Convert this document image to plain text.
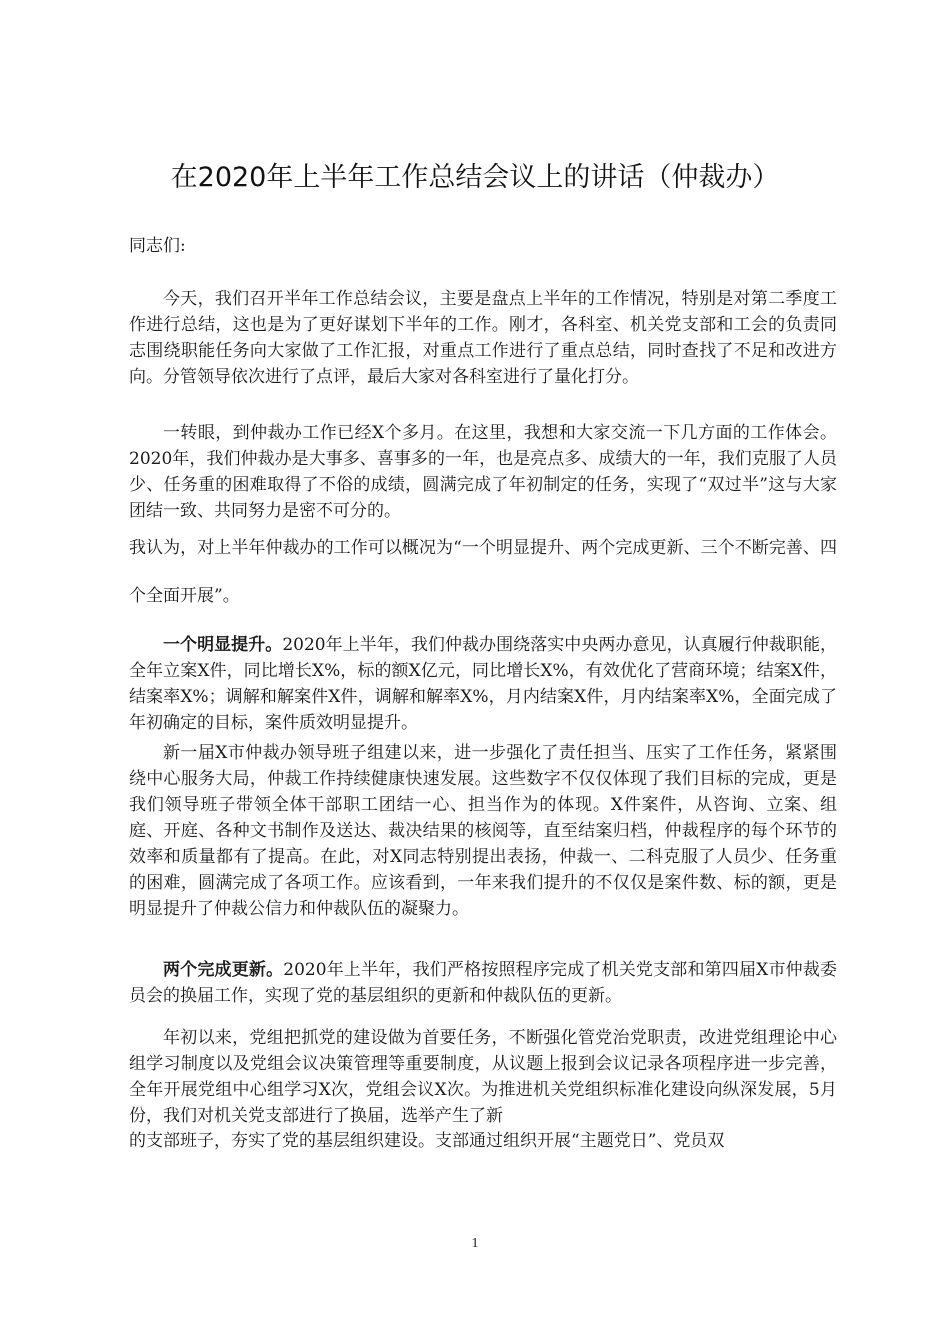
在2020年上半年工作总结会议上的讲话（仲裁办）

同志们:

今天，我们召开半年工作总结会议，主要是盘点上半年的工作情况，特别是对第二季度工作进行总结，这也是为了更好谋划下半年的工作。刚才，各科室、机关党支部和工会的负责同志围绕职能任务向大家做了工作汇报，对重点工作进行了重点总结，同时查找了不足和改进方向。分管领导依次进行了点评，最后大家对各科室进行了量化打分。

一转眼，到仲裁办工作已经X个多月。在这里，我想和大家交流一下几方面的工作体会。2020年，我们仲裁办是大事多、喜事多的一年，也是亮点多、成绩大的一年，我们克服了人员少、任务重的困难取得了不俗的成绩，圆满完成了年初制定的任务，实现了“双过半”这与大家团结一致、共同努力是密不可分的。

我认为，对上半年仲裁办的工作可以概况为“一个明显提升、两个完成更新、三个不断完善、四个全面开展”。

一个明显提升。2020年上半年，我们仲裁办围绕落实中央两办意见，认真履行仲裁职能，全年立案X件，同比增长X%，标的额X亿元，同比增长X%，有效优化了营商环境；结案X件，结案率X%；调解和解案件X件，调解和解率X%，月内结案X件，月内结案率X%，全面完成了年初确定的目标，案件质效明显提升。

新一届X市仲裁办领导班子组建以来，进一步强化了责任担当、压实了工作任务，紧紧围绕中心服务大局，仲裁工作持续健康快速发展。这些数字不仅仅体现了我们目标的完成，更是我们领导班子带领全体干部职工团结一心、担当作为的体现。X件案件，从咨询、立案、组庭、开庭、各种文书制作及送达、裁决结果的核阅等，直至结案归档，仲裁程序的每个环节的效率和质量都有了提高。在此，对X同志特别提出表扬，仲裁一、二科克服了人员少、任务重的困难，圆满完成了各项工作。应该看到，一年来我们提升的不仅仅是案件数、标的额，更是明显提升了仲裁公信力和仲裁队伍的凝聚力。

两个完成更新。2020年上半年，我们严格按照程序完成了机关党支部和第四届X市仲裁委员会的换届工作，实现了党的基层组织的更新和仲裁队伍的更新。

年初以来，党组把抓党的建设做为首要任务，不断强化管党治党职责，改进党组理论中心组学习制度以及党组会议决策管理等重要制度，从议题上报到会议记录各项程序进一步完善，全年开展党组中心组学习X次，党组会议X次。为推进机关党组织标准化建设向纵深发展，5月份，我们对机关党支部进行了换届，选举产生了新

的支部班子，夯实了党的基层组织建设。支部通过组织开展“主题党日”、党员双

1
